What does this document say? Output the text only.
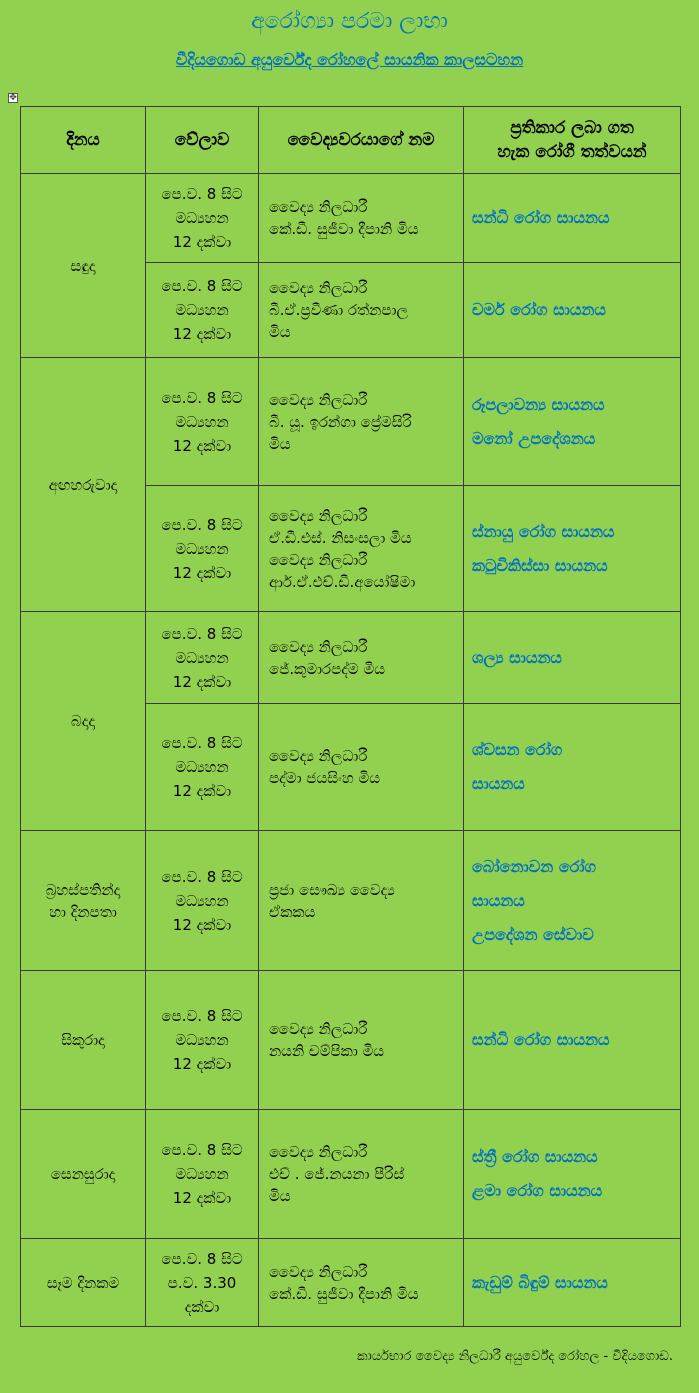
අරෝග්‍යා පරමා ලාභා
වීදියගොඩ අයුර්වේද රෝහලේ සායනික කාලසටහන
✥
දිනය	වේලාව	වෛද්‍යවරයාගේ නම	ප්‍රතිකාර ලබා ගත
හැක රෝගී තත්වයන්

සඳුදා	පෙ.ව. 8 සිට
මධ්‍යහන
12 දක්වා	වෛද්‍ය නිලධාරී
කේ.ඩී. සුජීවා දීපානි මිය	සන්ධි රෝග සායනය

	පෙ.ව. 8 සිට
මධ්‍යහන
12 දක්වා	වෛද්‍ය නිලධාරී
බී.ඒ.ප්‍රවීණා රත්නපාල
මිය	චර්ම රෝග සායනය

අඟහරුවාදා	පෙ.ව. 8 සිට
මධ්‍යහන
12 දක්වා	වෛද්‍ය නිලධාරී
බී. යූ. ඉරන්ගා ප්‍රේමසිරි
මිය	රූපලාවන්‍ය සායනය
මනෝ උපදේශනය

	පෙ.ව. 8 සිට
මධ්‍යහන
12 දක්වා	වෛද්‍ය නිලධාරී
ඒ.ඩී.එස්. නිසංසලා මිය
වෛද්‍ය නිලධාරී
ආර්.ඒ.එච්.ඩී.අයෝෂිමා	ස්නායු රෝග සායනය
කටුචිකිස්සා සායනය

බදාදා	පෙ.ව. 8 සිට
මධ්‍යහන
12 දක්වා	වෛද්‍ය නිලධාරී
ජේ.කුමාරපද්ම මිය	ශල්‍ය සායනය

	පෙ.ව. 8 සිට
මධ්‍යහන
12 දක්වා	වෛද්‍ය නිලධාරී
පද්මා ජයසිංහ මිය	ශ්වසන රෝග
සායනය

බ්‍රහස්පතින්දා
හා දිනපතා	පෙ.ව. 8 සිට
මධ්‍යහන
12 දක්වා	ප්‍රජා සෞඛ්‍ය වෛද්‍ය
ඒකකය	බෝනොවන රෝග
සායනය
උපදේශන සේවාව

සිකුරාදා	පෙ.ව. 8 සිට
මධ්‍යහන
12 දක්වා	වෛද්‍ය නිලධාරී
නයනි චම්පිකා මිය	සන්ධි රෝග සායනය

සෙනසුරාදා	පෙ.ව. 8 සිට
මධ්‍යහන
12 දක්වා	වෛද්‍ය නිලධාරී
එච් . ජේ.නයනා පීරිස්
මිය	ස්ත්‍රී රෝග සායනය
ළමා රෝග සායනය

සෑම දිනකම	පෙ.ව. 8 සිට
ප.ව. 3.30
දක්වා	වෛද්‍ය නිලධාරී
කේ.ඩී. සුජීවා දීපානි මිය	කැඩුම් බිඳුම් සායනය
කාර්යභාර වෛද්‍ය නිලධාරී අයුර්වේද රෝහල - වීදියගොඩ.
